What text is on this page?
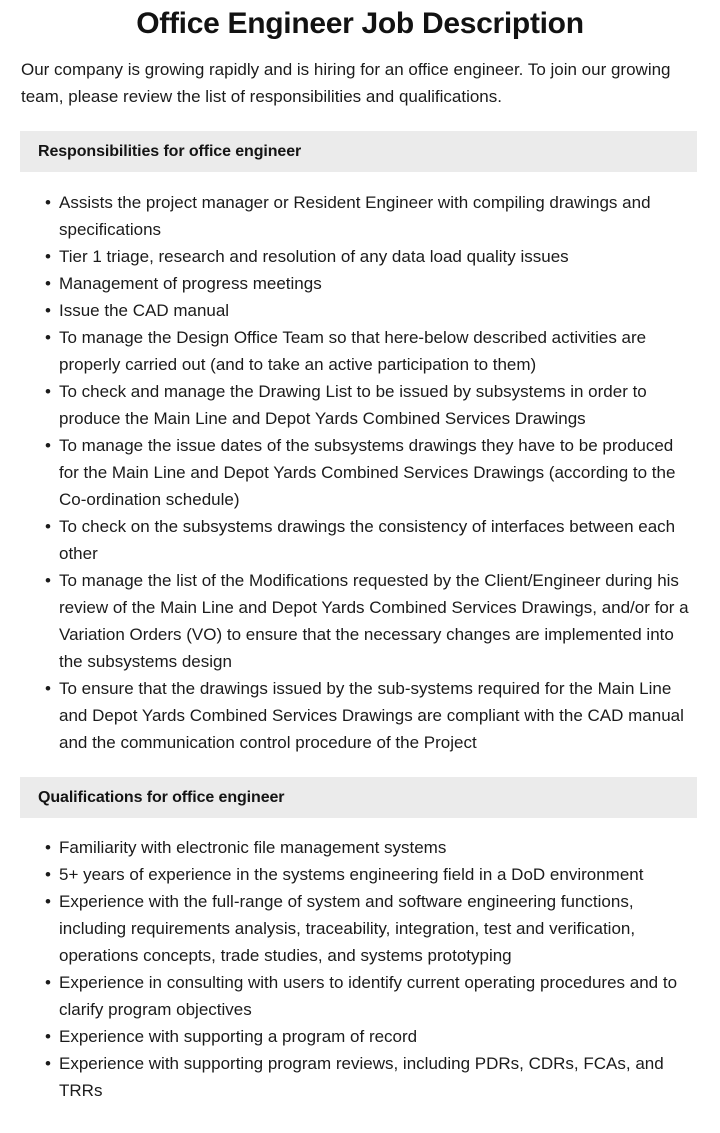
Office Engineer Job Description

Our company is growing rapidly and is hiring for an office engineer. To join our growing team, please review the list of responsibilities and qualifications.

Responsibilities for office engineer
• Assists the project manager or Resident Engineer with compiling drawings and specifications
• Tier 1 triage, research and resolution of any data load quality issues
• Management of progress meetings
• Issue the CAD manual
• To manage the Design Office Team so that here-below described activities are properly carried out (and to take an active participation to them)
• To check and manage the Drawing List to be issued by subsystems in order to produce the Main Line and Depot Yards Combined Services Drawings
• To manage the issue dates of the subsystems drawings they have to be produced for the Main Line and Depot Yards Combined Services Drawings (according to the Co-ordination schedule)
• To check on the subsystems drawings the consistency of interfaces between each other
• To manage the list of the Modifications requested by the Client/Engineer during his review of the Main Line and Depot Yards Combined Services Drawings, and/or for a Variation Orders (VO) to ensure that the necessary changes are implemented into the subsystems design
• To ensure that the drawings issued by the sub-systems required for the Main Line and Depot Yards Combined Services Drawings are compliant with the CAD manual and the communication control procedure of the Project
Qualifications for office engineer
• Familiarity with electronic file management systems
• 5+ years of experience in the systems engineering field in a DoD environment
• Experience with the full-range of system and software engineering functions, including requirements analysis, traceability, integration, test and verification, operations concepts, trade studies, and systems prototyping
• Experience in consulting with users to identify current operating procedures and to clarify program objectives
• Experience with supporting a program of record
• Experience with supporting program reviews, including PDRs, CDRs, FCAs, and TRRs
